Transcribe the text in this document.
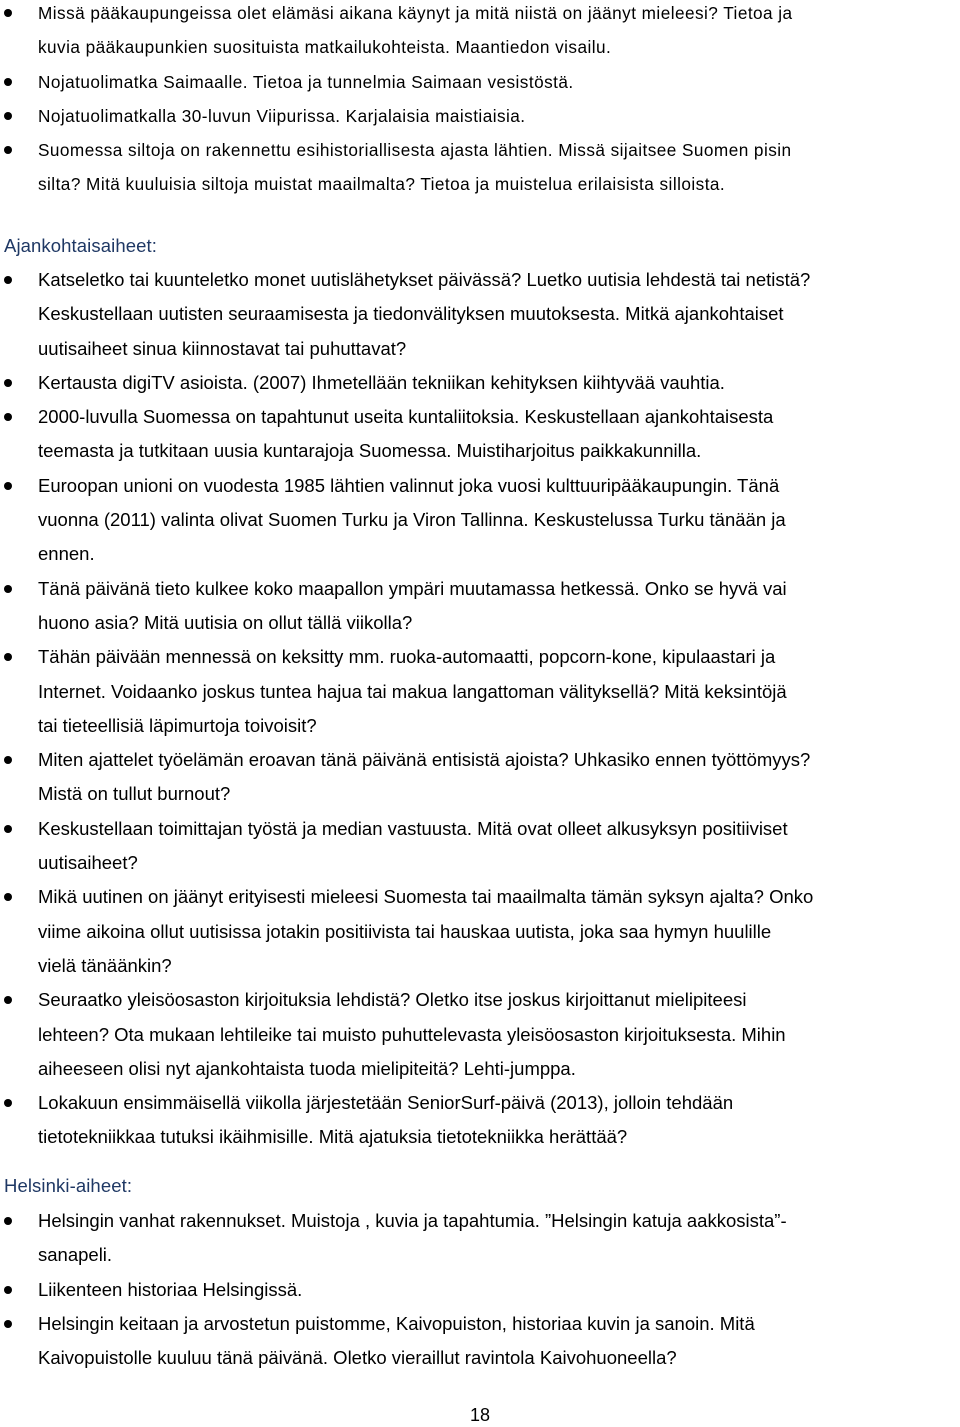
Missä pääkaupungeissa olet elämäsi aikana käynyt ja mitä niistä on jäänyt mieleesi? Tietoa ja
kuvia pääkaupunkien suosituista matkailukohteista. Maantiedon visailu.
Nojatuolimatka Saimaalle. Tietoa ja tunnelmia Saimaan vesistöstä.
Nojatuolimatkalla 30-luvun Viipurissa. Karjalaisia maistiaisia.
Suomessa siltoja on rakennettu esihistoriallisesta ajasta lähtien. Missä sijaitsee Suomen pisin
silta? Mitä kuuluisia siltoja muistat maailmalta? Tietoa ja muistelua erilaisista silloista.
Ajankohtaisaiheet:
Katseletko tai kuunteletko monet uutislähetykset päivässä? Luetko uutisia lehdestä tai netistä?
Keskustellaan uutisten seuraamisesta ja tiedonvälityksen muutoksesta. Mitkä ajankohtaiset
uutisaiheet sinua kiinnostavat tai puhuttavat?
Kertausta digiTV asioista. (2007) Ihmetellään tekniikan kehityksen kiihtyvää vauhtia.
2000-luvulla Suomessa on tapahtunut useita kuntaliitoksia. Keskustellaan ajankohtaisesta
teemasta ja tutkitaan uusia kuntarajoja Suomessa. Muistiharjoitus paikkakunnilla.
Euroopan unioni on vuodesta 1985 lähtien valinnut joka vuosi kulttuuripääkaupungin. Tänä
vuonna (2011) valinta olivat Suomen Turku ja Viron Tallinna. Keskustelussa Turku tänään ja
ennen.
Tänä päivänä tieto kulkee koko maapallon ympäri muutamassa hetkessä. Onko se hyvä vai
huono asia? Mitä uutisia on ollut tällä viikolla?
Tähän päivään mennessä on keksitty mm. ruoka-automaatti, popcorn-kone, kipulaastari ja
Internet. Voidaanko joskus tuntea hajua tai makua langattoman välityksellä? Mitä keksintöjä
tai tieteellisiä läpimurtoja toivoisit?
Miten ajattelet työelämän eroavan tänä päivänä entisistä ajoista? Uhkasiko ennen työttömyys?
Mistä on tullut burnout?
Keskustellaan toimittajan työstä ja median vastuusta. Mitä ovat olleet alkusyksyn positiiviset
uutisaiheet?
Mikä uutinen on jäänyt erityisesti mieleesi Suomesta tai maailmalta tämän syksyn ajalta? Onko
viime aikoina ollut uutisissa jotakin positiivista tai hauskaa uutista, joka saa hymyn huulille
vielä tänäänkin?
Seuraatko yleisöosaston kirjoituksia lehdistä? Oletko itse joskus kirjoittanut mielipiteesi
lehteen? Ota mukaan lehtileike tai muisto puhuttelevasta yleisöosaston kirjoituksesta. Mihin
aiheeseen olisi nyt ajankohtaista tuoda mielipiteitä? Lehti-jumppa.
Lokakuun ensimmäisellä viikolla järjestetään SeniorSurf-päivä (2013), jolloin tehdään
tietotekniikkaa tutuksi ikäihmisille. Mitä ajatuksia tietotekniikka herättää?
Helsinki-aiheet:
Helsingin vanhat rakennukset. Muistoja , kuvia ja tapahtumia. ”Helsingin katuja aakkosista”-
sanapeli.
Liikenteen historiaa Helsingissä.
Helsingin keitaan ja arvostetun puistomme, Kaivopuiston, historiaa kuvin ja sanoin. Mitä
Kaivopuistolle kuuluu tänä päivänä. Oletko vieraillut ravintola Kaivohuoneella?
18
